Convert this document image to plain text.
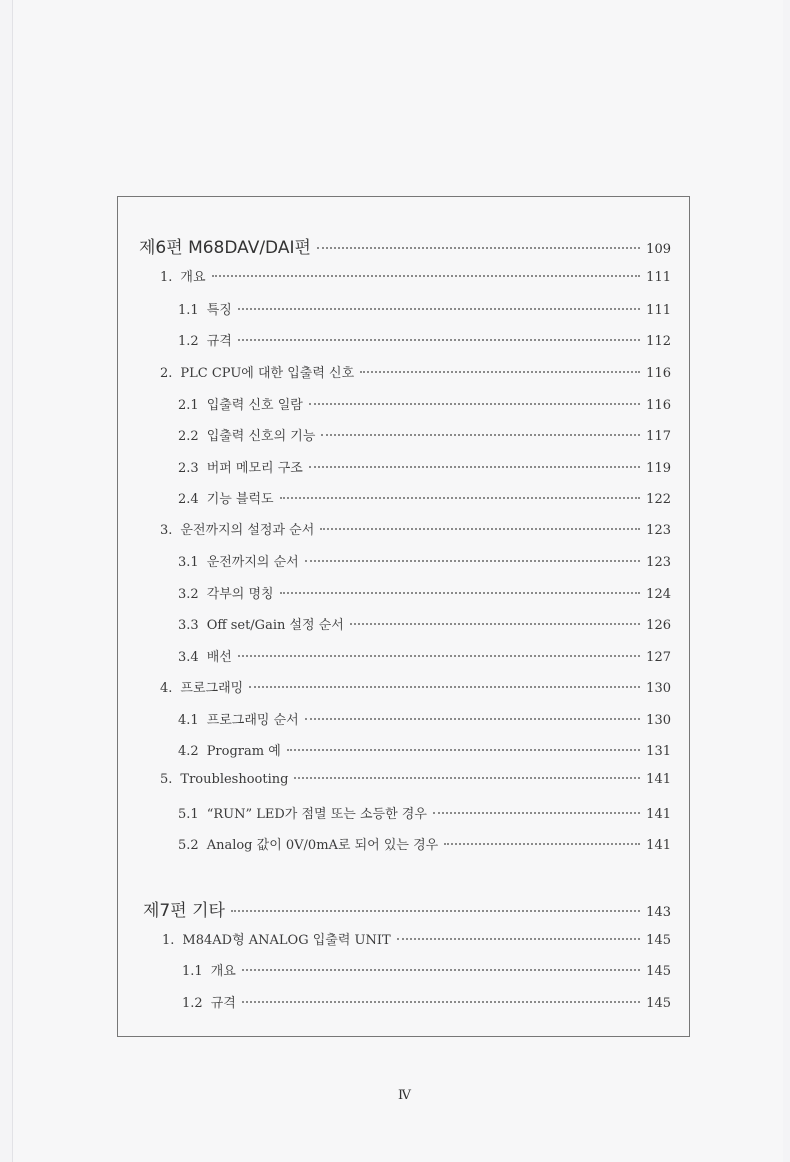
제6편 M68DAV/DAI편	109
1. 개요	111
1.1 특징	111
1.2 규격	112
2. PLC CPU에 대한 입출력 신호	116
2.1 입출력 신호 일람	116
2.2 입출력 신호의 기능	117
2.3 버퍼 메모리 구조	119
2.4 기능 블럭도	122
3. 운전까지의 설정과 순서	123
3.1 운전까지의 순서	123
3.2 각부의 명칭	124
3.3 Off set/Gain 설정 순서	126
3.4 배선	127
4. 프로그래밍	130
4.1 프로그래밍 순서	130
4.2 Program 예	131
5. Troubleshooting	141
5.1 “RUN” LED가 점멸 또는 소등한 경우	141
5.2 Analog 값이 0V/0mA로 되어 있는 경우	141
제7편 기타	143
1. M84AD형 ANALOG 입출력 UNIT	145
1.1 개요	145
1.2 규격	145
Ⅳ
